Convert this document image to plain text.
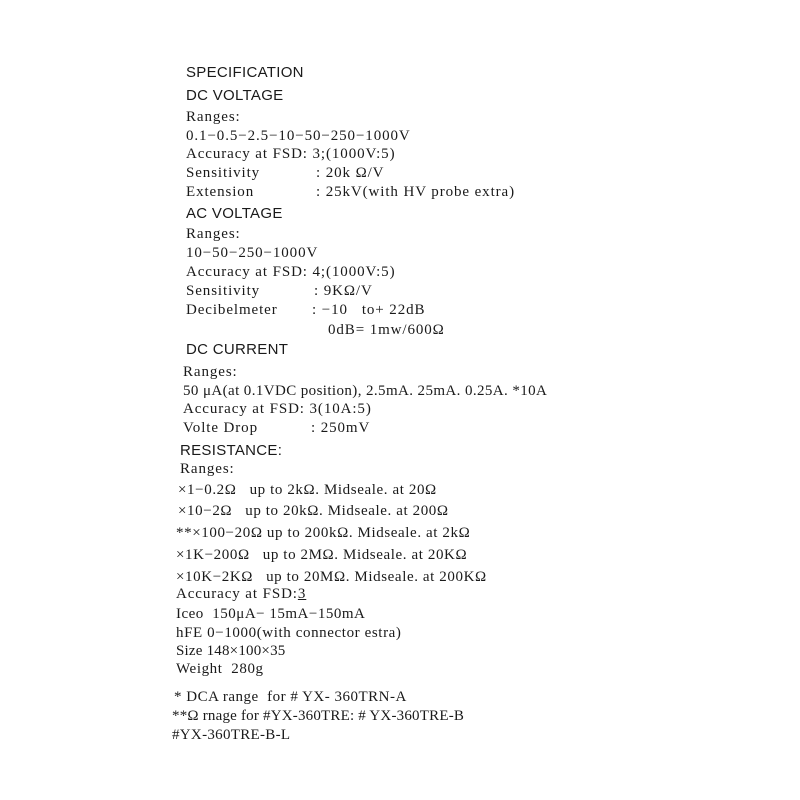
SPECIFICATION
DC VOLTAGE
Ranges:
0.1−0.5−2.5−10−50−250−1000V
Accuracy at FSD: 3;(1000V:5)
Sensitivity	: 20k Ω/V
Extension	: 25kV(with HV probe extra)
AC VOLTAGE
Ranges:
10−50−250−1000V
Accuracy at FSD: 4;(1000V:5)
Sensitivity	: 9KΩ/V
Decibelmeter : −10   to+ 22dB
0dB= 1mw/600Ω
DC CURRENT
Ranges:
50 μA(at 0.1VDC position), 2.5mA. 25mA. 0.25A. *10A
Accuracy at FSD: 3(10A:5)
Volte Drop	: 250mV
RESISTANCE:
Ranges:
×1−0.2Ω   up to 2kΩ. Midseale. at 20Ω
×10−2Ω   up to 20kΩ. Midseale. at 200Ω
**×100−20Ω up to 200kΩ. Midseale. at 2kΩ
×1K−200Ω   up to 2MΩ. Midseale. at 20KΩ
×10K−2KΩ   up to 20MΩ. Midseale. at 200KΩ
Accuracy at FSD:3
Iceo  150μA− 15mA−150mA
hFE 0−1000(with connector estra)
Size 148×100×35
Weight  280g
* DCA range  for # YX- 360TRN-A
**Ω rnage for #YX-360TRE: # YX-360TRE-B
#YX-360TRE-B-L
